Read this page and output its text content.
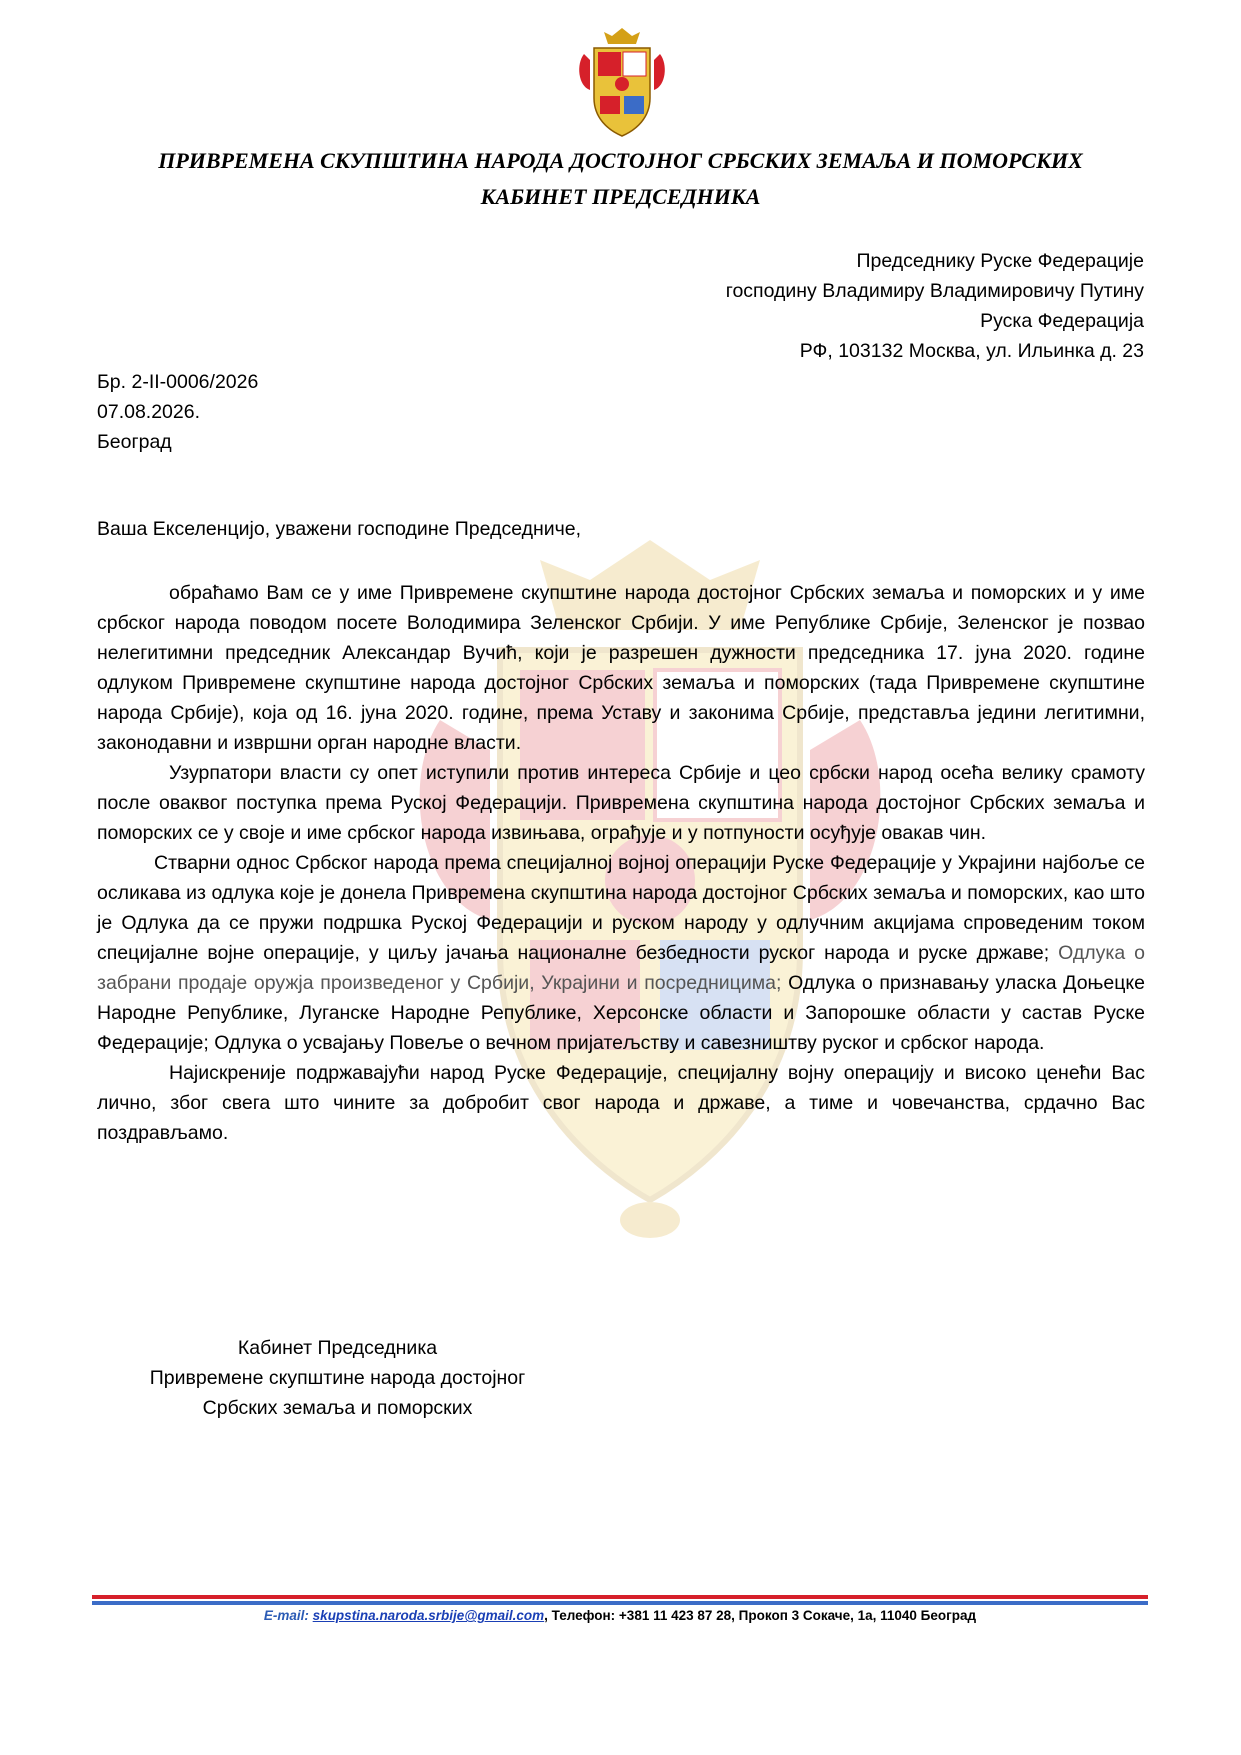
ПРИВРЕМЕНА СКУПШТИНА НАРОДА ДОСТОЈНОГ СРБСКИХ ЗЕМАЉА И ПОМОРСКИХ
КАБИНЕТ ПРЕДСЕДНИКА
Председнику Руске Федерације
господину Владимиру Владимировичу Путину
Руска Федерација
РФ, 103132 Москва, ул. Ильинка д. 23
Бр. 2-II-0006/2026
07.08.2026.
Београд
Ваша Екселенцијо, уважени господине Председниче,

обраћамо Вам се у име Привремене скупштине народа достојног Србских земаља и поморских и у име србског народа поводом посете Володимира Зеленског Србији. У име Републике Србије, Зеленског је позвао нелегитимни председник Александар Вучић, који је разрешен дужности председника 17. јуна 2020. године одлуком Привремене скупштине народа достојног Србских земаља и поморских (тада Привремене скупштине народа Србије), која од 16. јуна 2020. године, према Уставу и законима Србије, представља једини легитимни, законодавни и извршни орган народне власти.

Узурпатори власти су опет иступили против интереса Србије и цео србски народ осећа велику срамоту после оваквог поступка према Руској Федерацији. Привремена скупштина народа достојног Србских земаља и поморских се у своје и име србског народа извињава, ограђује и у потпуности осуђује овакав чин.

Стварни однос Србског народа према специјалној војној операцији Руске Федерације у Украјини најбоље се осликава из одлука које је донела Привремена скупштина народа достојног Србских земаља и поморских, као што је Одлука да се пружи подршка Руској Федерацији и руском народу у одлучним акцијама спроведеним током специјалне војне операције, у циљу јачања националне безбедности руског народа и руске државе; Одлука о забрани продаје оружја произведеног у Србији, Украјини и посредницима; Одлука о признавању уласка Доњецке Народне Републике, Луганске Народне Републике, Херсонске области и Запорошке области у састав Руске Федерације; Одлука о усвајању Повеље о вечном пријатељству и савезништву руског и србског народа.

Најискреније подржавајући народ Руске Федерације, специјалну војну операцију и високо ценећи Вас лично, због свега што чините за добробит свог народа и државе, а тиме и човечанства, срдачно Вас поздрављамо.

Кабинет Председника
Привремене скупштине народа достојног
Србских земаља и поморских
E-mail: skupstina.naroda.srbije@gmail.com, Телефон: +381 11 423 87 28, Прокоп 3 Сокаче, 1а, 11040 Београд
